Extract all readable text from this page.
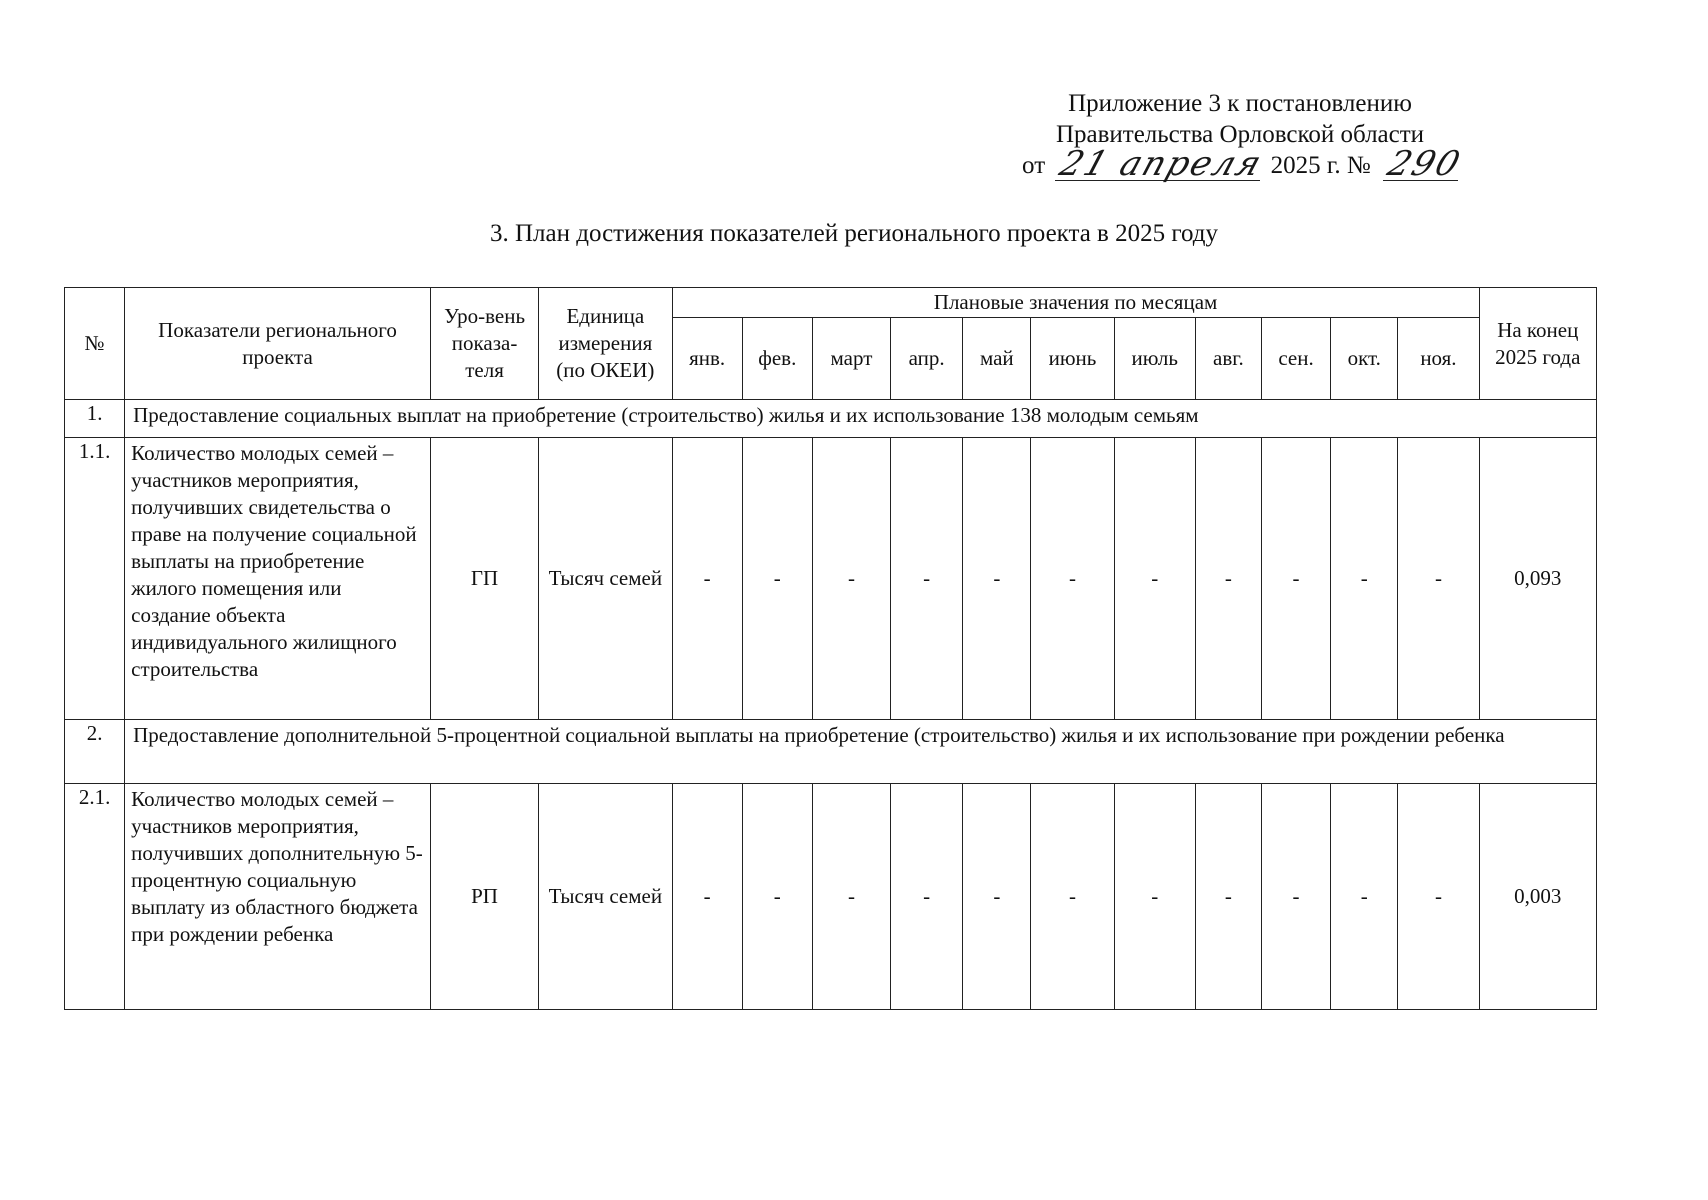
Приложение 3 к постановлению
Правительства Орловской области
от 21 апреля 2025 г. № 290
3. План достижения показателей регионального проекта в 2025 году
№	Показатели регионального проекта	Уро-вень показа-теля	Единица измерения (по ОКЕИ)	Плановые значения по месяцам											На конец 2025 года
				янв.	фев.	март	апр.	май	июнь	июль	авг.	сен.	окт.	ноя.	
1.	Предоставление социальных выплат на приобретение (строительство) жилья и их использование 138 молодым семьям														
1.1.	Количество молодых семей – участников мероприятия, получивших свидетельства о праве на получение социальной выплаты на приобретение жилого помещения или создание объекта индивидуального жилищного строительства	ГП	Тысяч семей	-	-	-	-	-	-	-	-	-	-	-	0,093
2.	Предоставление дополнительной 5-процентной социальной выплаты на приобретение (строительство) жилья и их использование при рождении ребенка														
2.1.	Количество молодых семей – участников мероприятия, получивших дополнительную 5-процентную социальную выплату из областного бюджета при рождении ребенка	РП	Тысяч семей	-	-	-	-	-	-	-	-	-	-	-	0,003
